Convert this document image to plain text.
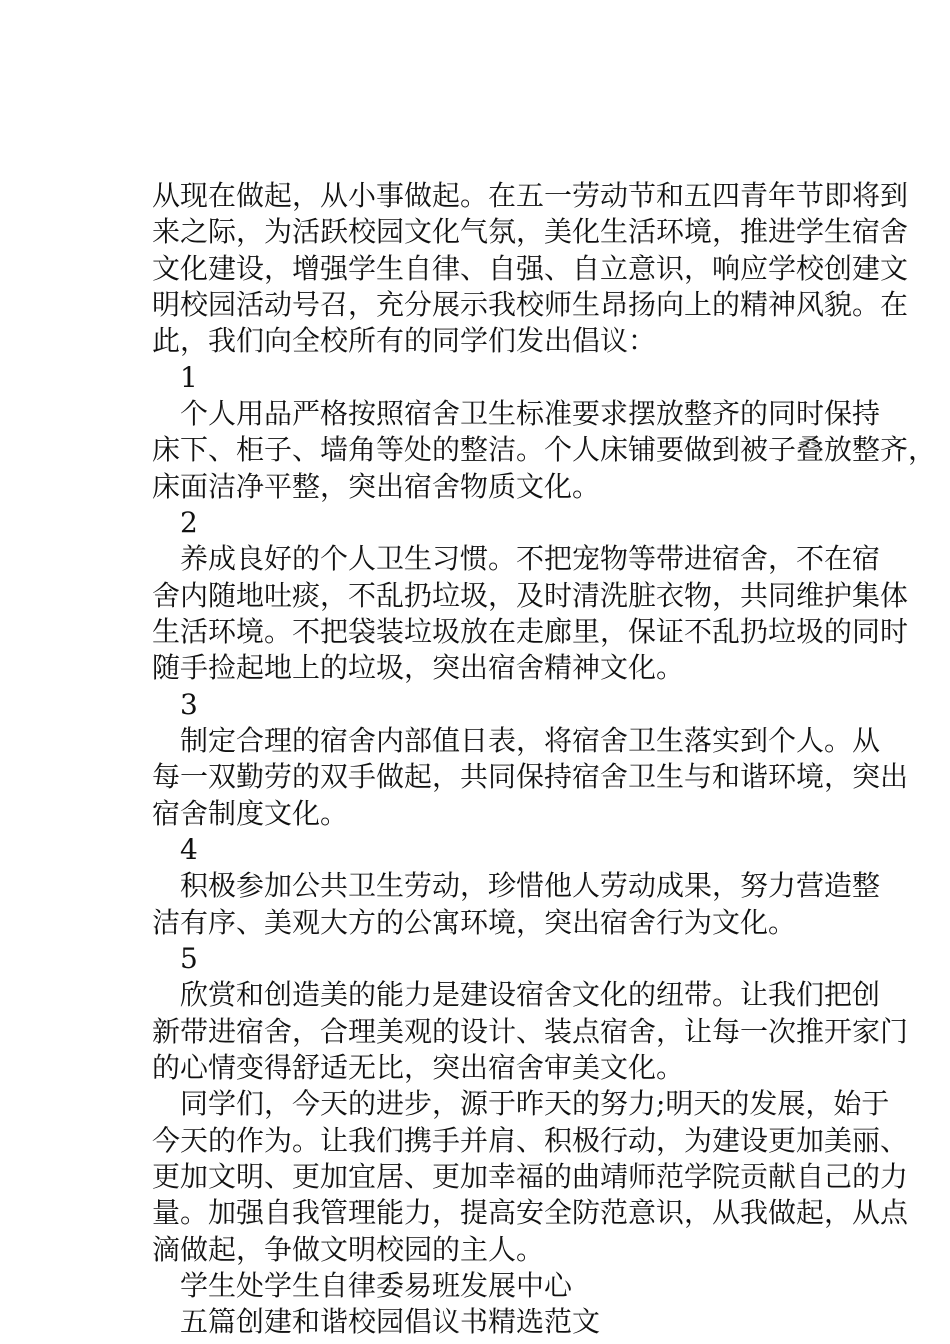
从现在做起，从小事做起。在五一劳动节和五四青年节即将到

来之际，为活跃校园文化气氛，美化生活环境，推进学生宿舍

文化建设，增强学生自律、自强、自立意识，响应学校创建文

明校园活动号召，充分展示我校师生昂扬向上的精神风貌。在

此，我们向全校所有的同学们发出倡议：

1

个人用品严格按照宿舍卫生标准要求摆放整齐的同时保持

床下、柜子、墙角等处的整洁。个人床铺要做到被子叠放整齐，

床面洁净平整，突出宿舍物质文化。

2

养成良好的个人卫生习惯。不把宠物等带进宿舍，不在宿

舍内随地吐痰，不乱扔垃圾，及时清洗脏衣物，共同维护集体

生活环境。不把袋装垃圾放在走廊里，保证不乱扔垃圾的同时

随手捡起地上的垃圾，突出宿舍精神文化。

3

制定合理的宿舍内部值日表，将宿舍卫生落实到个人。从

每一双勤劳的双手做起，共同保持宿舍卫生与和谐环境，突出

宿舍制度文化。

4

积极参加公共卫生劳动，珍惜他人劳动成果，努力营造整

洁有序、美观大方的公寓环境，突出宿舍行为文化。

5

欣赏和创造美的能力是建设宿舍文化的纽带。让我们把创

新带进宿舍，合理美观的设计、装点宿舍，让每一次推开家门

的心情变得舒适无比，突出宿舍审美文化。

同学们，今天的进步，源于昨天的努力;明天的发展，始于

今天的作为。让我们携手并肩、积极行动，为建设更加美丽、

更加文明、更加宜居、更加幸福的曲靖师范学院贡献自己的力

量。加强自我管理能力，提高安全防范意识，从我做起，从点

滴做起，争做文明校园的主人。

学生处学生自律委易班发展中心

五篇创建和谐校园倡议书精选范文
